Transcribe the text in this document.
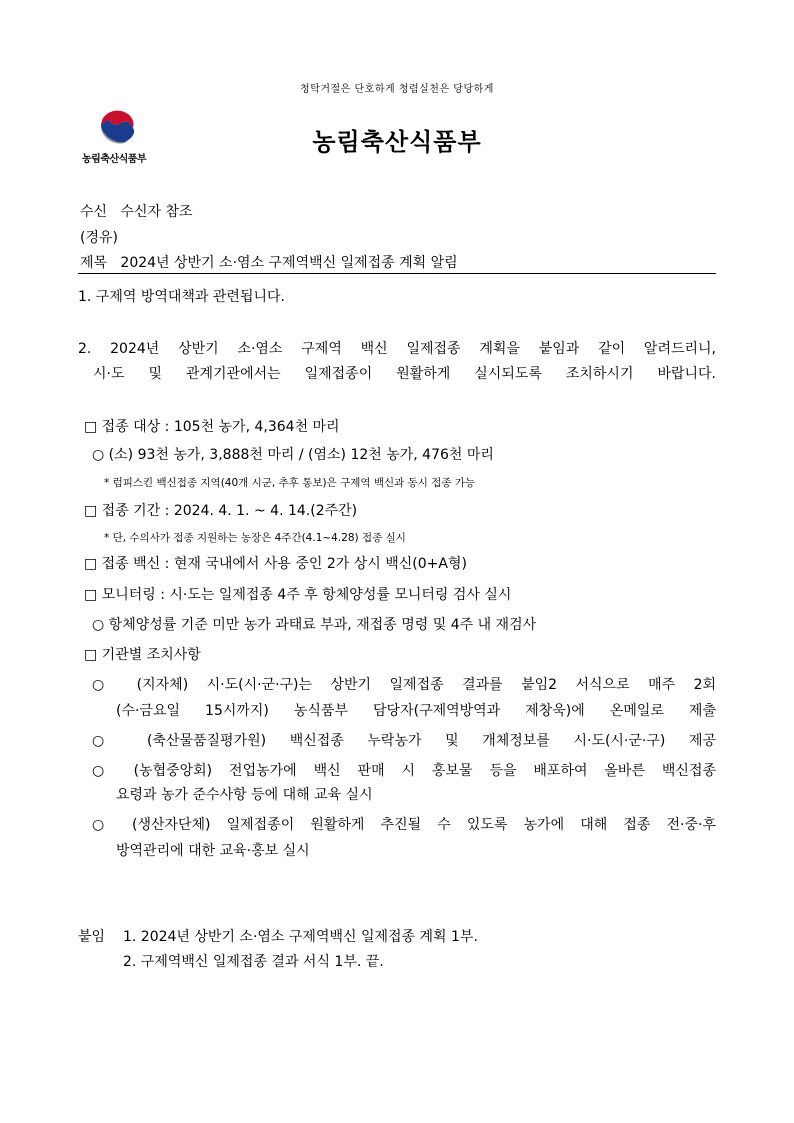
청탁거절은 단호하게 청렴실천은 당당하게
농림축산식품부
농림축산식품부
수신 수신자 참조
(경유)
제목 2024년 상반기 소·염소 구제역백신 일제접종 계획 알림
1. 구제역 방역대책과 관련됩니다.
2. 2024년 상반기 소·염소 구제역 백신 일제접종 계획을 붙임과 같이 알려드리니,
시·도 및 관계기관에서는 일제접종이 원활하게 실시되도록 조치하시기 바랍니다.
□ 접종 대상 : 105천 농가, 4,364천 마리
○ (소) 93천 농가, 3,888천 마리 / (염소) 12천 농가, 476천 마리
* 럼피스킨 백신접종 지역(40개 시군, 추후 통보)은 구제역 백신과 동시 접종 가능
□ 접종 기간 : 2024. 4. 1. ~ 4. 14.(2주간)
* 단, 수의사가 접종 지원하는 농장은 4주간(4.1~4.28) 접종 실시
□ 접종 백신 : 현재 국내에서 사용 중인 2가 상시 백신(0+A형)
□ 모니터링 : 시·도는 일제접종 4주 후 항체양성률 모니터링 검사 실시
○ 항체양성률 기준 미만 농가 과태료 부과, 재접종 명령 및 4주 내 재검사
□ 기관별 조치사항
○ (지자체) 시·도(시·군·구)는 상반기 일제접종 결과를 붙임2 서식으로 매주 2회
(수·금요일 15시까지) 농식품부 담당자(구제역방역과 제창욱)에 온메일로 제출
○ (축산물품질평가원) 백신접종 누락농가 및 개체정보를 시·도(시·군·구) 제공
○ (농협중앙회) 전업농가에 백신 판매 시 홍보물 등을 배포하여 올바른 백신접종
요령과 농가 준수사항 등에 대해 교육 실시
○ (생산자단체) 일제접종이 원활하게 추진될 수 있도록 농가에 대해 접종 전·중·후
방역관리에 대한 교육·홍보 실시
붙임 1. 2024년 상반기 소·염소 구제역백신 일제접종 계획 1부.
2. 구제역백신 일제접종 결과 서식 1부. 끝.
